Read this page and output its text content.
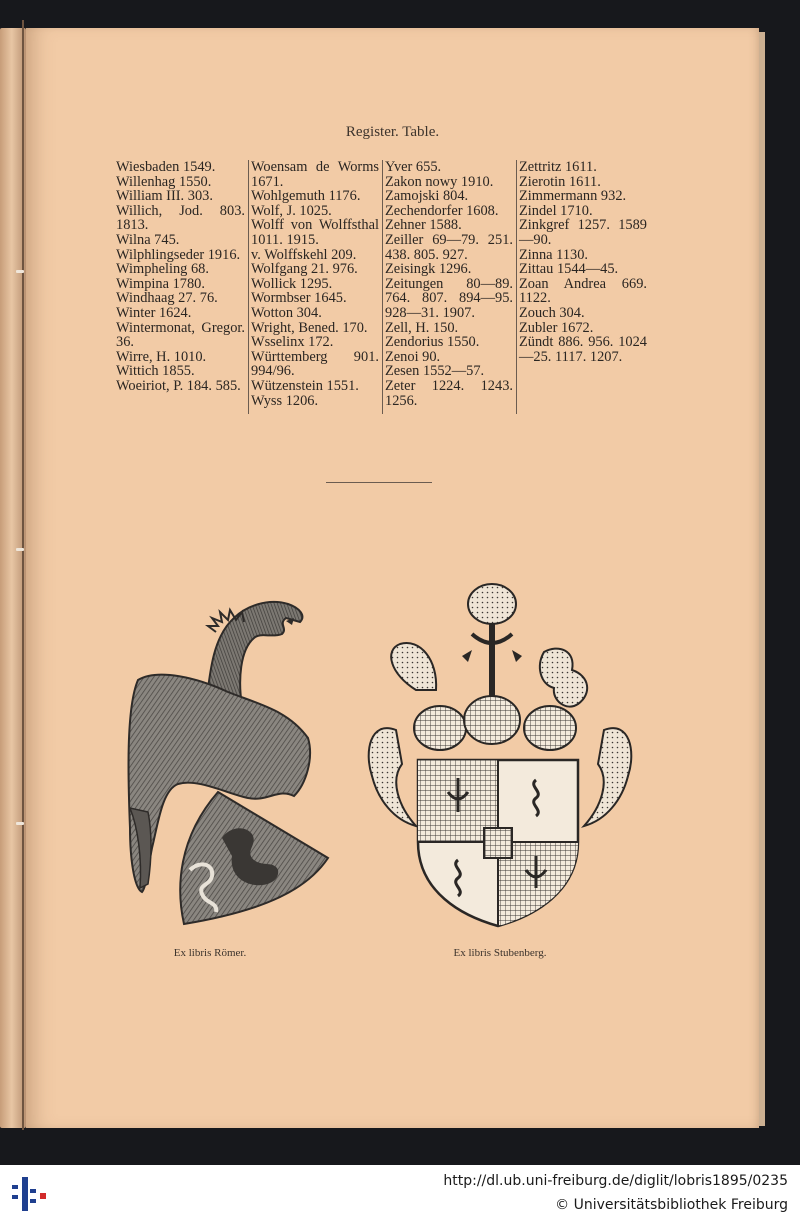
Register. Table.
Wiesbaden 1549.
Willenhag 1550.
William III. 303.
Willich, Jod. 803. 1813.
Wilna 745.
Wilphlingseder 1916.
Wimpheling 68.
Wimpina 1780.
Windhaag 27. 76.
Winter 1624.
Wintermonat, Gregor. 36.
Wirre, H. 1010.
Wittich 1855.
Woeiriot, P. 184. 585.
Woensam de Worms 1671.
Wohlgemuth 1176.
Wolf, J. 1025.
Wolff von Wolffsthal 1011. 1915.
v. Wolffskehl 209.
Wolfgang 21. 976.
Wollick 1295.
Wormbser 1645.
Wotton 304.
Wright, Bened. 170.
Wsselinx 172.
Württemberg 901. 994/96.
Wützenstein 1551.
Wyss 1206.
Yver 655.
Zakon nowy 1910.
Zamojski 804.
Zechendorfer 1608.
Zehner 1588.
Zeiller 69—79. 251. 438. 805. 927.
Zeisingk 1296.
Zeitungen 80—89. 764. 807. 894—95. 928—31. 1907.
Zell, H. 150.
Zendorius 1550.
Zenoi 90.
Zesen 1552—57.
Zeter 1224. 1243. 1256.
Zettritz 1611.
Zierotin 1611.
Zimmermann 932.
Zindel 1710.
Zinkgref 1257. 1589 —90.
Zinna 1130.
Zittau 1544—45.
Zoan Andrea 669. 1122.
Zouch 304.
Zubler 1672.
Zündt 886. 956. 1024 —25. 1117. 1207.
Ex libris Römer.	Ex libris Stubenberg.
http://dl.ub.uni-freiburg.de/diglit/lobris1895/0235
© Universitätsbibliothek Freiburg
